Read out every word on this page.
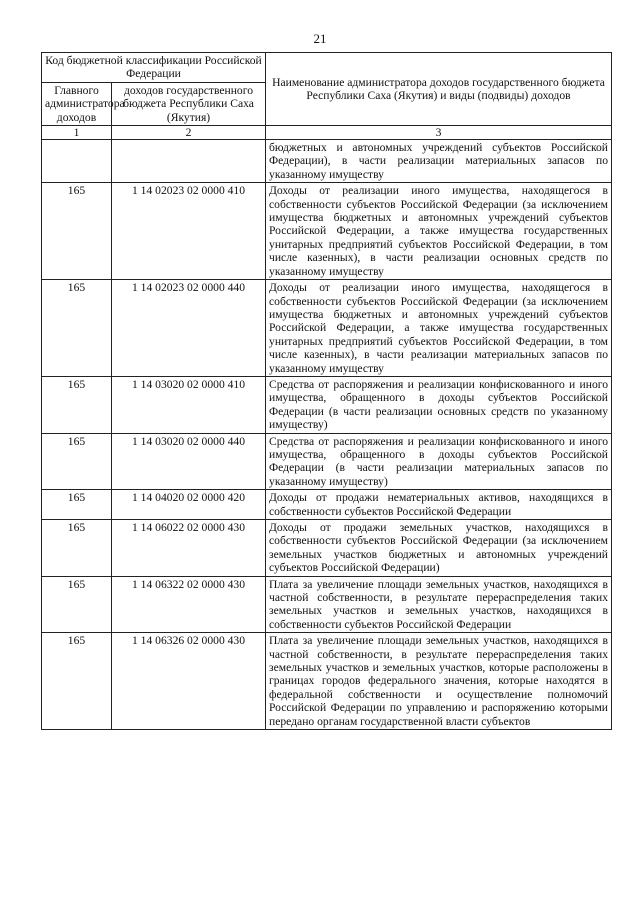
21
Код бюджетной классификации Российской Федерации		Наименование администратора доходов государственного бюджета Республики Саха (Якутия) и виды (подвиды) доходов
Главного администратора доходов	доходов государственного бюджета Республики Саха (Якутия)	
1	2	3
		бюджетных и автономных учреждений субъектов Российской Федерации), в части реализации материальных запасов по указанному имуществу
165	1 14 02023 02 0000 410	Доходы от реализации иного имущества, находящегося в собственности субъектов Российской Федерации (за исключением имущества бюджетных и автономных учреждений субъектов Российской Федерации, а также имущества государственных унитарных предприятий субъектов Российской Федерации, в том числе казенных), в части реализации основных средств по указанному имуществу
165	1 14 02023 02 0000 440	Доходы от реализации иного имущества, находящегося в собственности субъектов Российской Федерации (за исключением имущества бюджетных и автономных учреждений субъектов Российской Федерации, а также имущества государственных унитарных предприятий субъектов Российской Федерации, в том числе казенных), в части реализации материальных запасов по указанному имуществу
165	1 14 03020 02 0000 410	Средства от распоряжения и реализации конфискованного и иного имущества, обращенного в доходы субъектов Российской Федерации (в части реализации основных средств по указанному имуществу)
165	1 14 03020 02 0000 440	Средства от распоряжения и реализации конфискованного и иного имущества, обращенного в доходы субъектов Российской Федерации (в части реализации материальных запасов по указанному имуществу)
165	1 14 04020 02 0000 420	Доходы от продажи нематериальных активов, находящихся в собственности субъектов Российской Федерации
165	1 14 06022 02 0000 430	Доходы от продажи земельных участков, находящихся в собственности субъектов Российской Федерации (за исключением земельных участков бюджетных и автономных учреждений субъектов Российской Федерации)
165	1 14 06322 02 0000 430	Плата за увеличение площади земельных участков, находящихся в частной собственности, в результате перераспределения таких земельных участков и земельных участков, находящихся в собственности субъектов Российской Федерации
165	1 14 06326 02 0000 430	Плата за увеличение площади земельных участков, находящихся в частной собственности, в результате перераспределения таких земельных участков и земельных участков, которые расположены в границах городов федерального значения, которые находятся в федеральной собственности и осуществление полномочий Российской Федерации по управлению и распоряжению которыми передано органам государственной власти субъектов
